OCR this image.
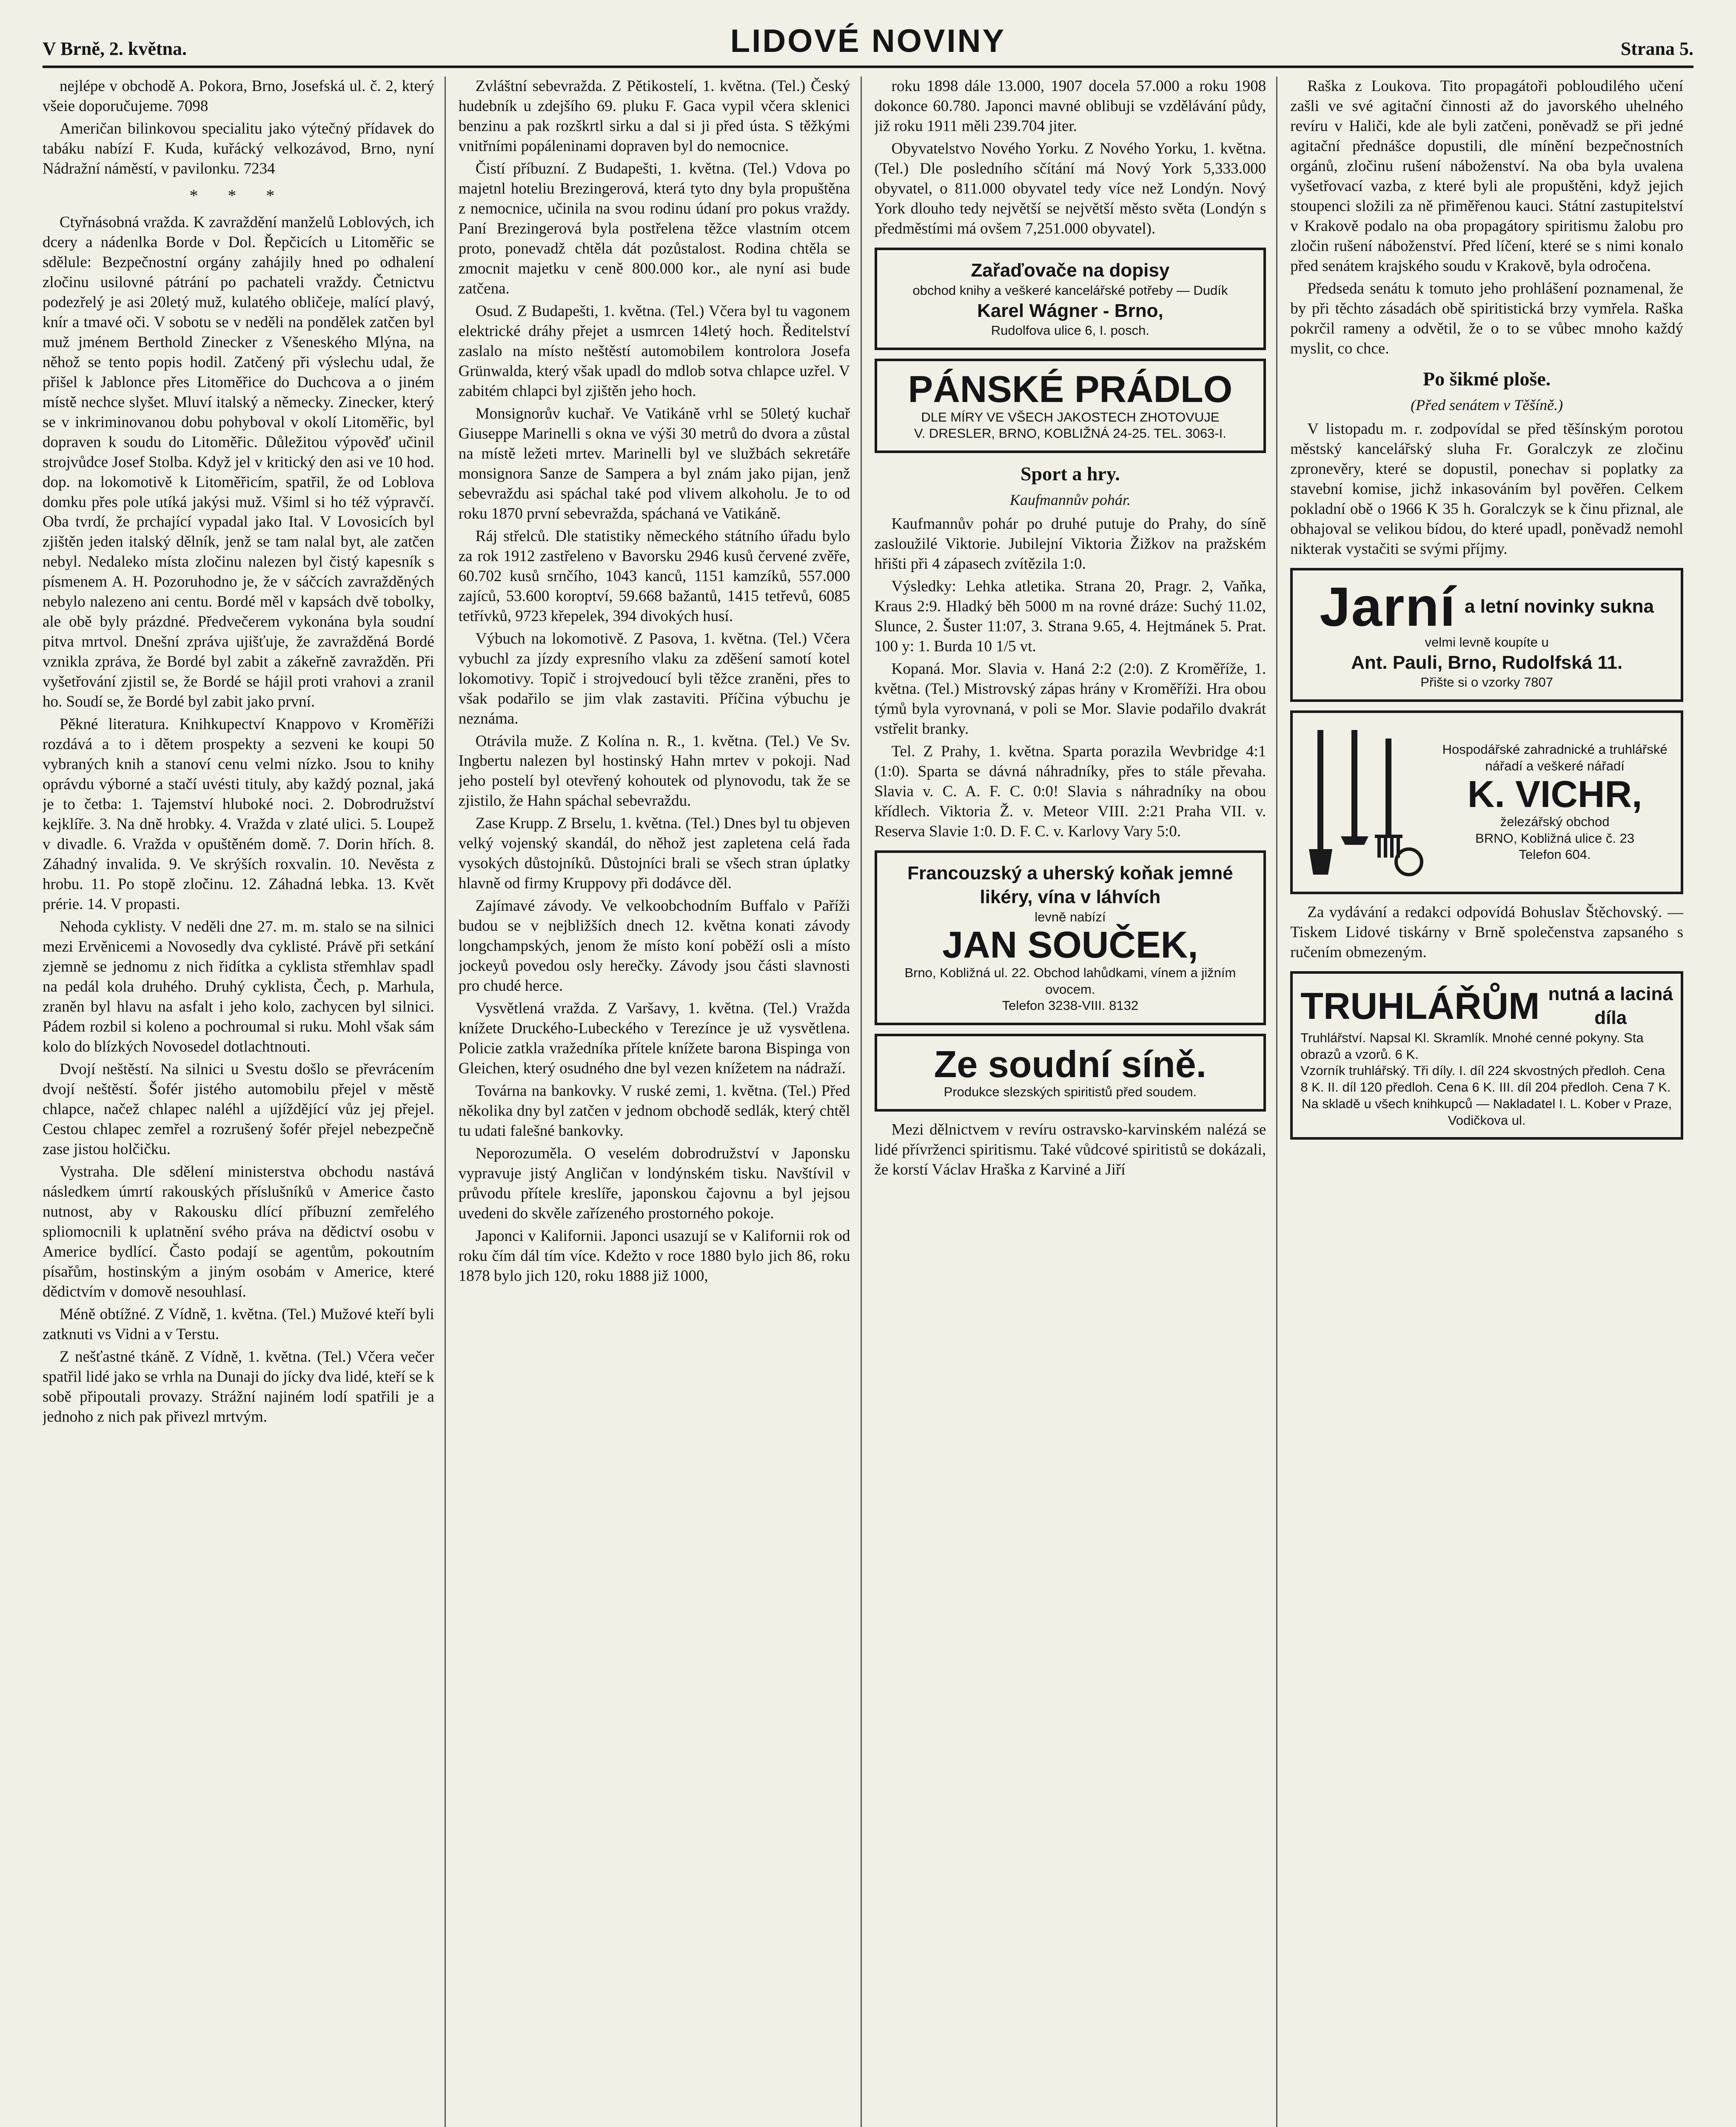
V Brně, 2. května.	LIDOVÉ NOVINY	Strana 5.

nejlépe v obchodě A. Pokora, Brno, Josefská ul. č. 2, který všeie doporučujeme. 7098

Američan bilinkovou specialitu jako výtečný přídavek do tabáku nabízí F. Kuda, kuřácký velkozávod, Brno, nyní Nádražní náměstí, v pavilonku. 7234

* * *

Ctyřnásobná vražda. K zavraždění manželů Loblových, ich dcery a nádenlka Borde v Dol. Řepčicích u Litoměřic se sdělule: Bezpečnostní orgány zahájily hned po odhalení zločinu usilovné pátrání po pachateli vraždy. Četnictvu podezřelý je asi 20letý muž, kulatého obličeje, malící plavý, knír a tmavé oči. V sobotu se v neděli na pondělek zatčen byl muž jménem Berthold Zinecker z Všeneského Mlýna, na něhož se tento popis hodil. Zatčený při výslechu udal, že přišel k Jablonce přes Litoměřice do Duchcova a o jiném místě nechce slyšet. Mluví italský a německy. Zinecker, který se v inkriminovanou dobu pohyboval v okolí Litoměřic, byl dopraven k soudu do Litoměřic. Důležitou výpověď učinil strojvůdce Josef Stolba. Když jel v kritický den asi ve 10 hod. dop. na lokomotivě k Litoměřicím, spatřil, že od Loblova domku přes pole utíká jakýsi muž. Všiml si ho též výpravčí. Oba tvrdí, že prchající vypadal jako Ital. V Lovosicích byl zjištěn jeden italský dělník, jenž se tam nalal byt, ale zatčen nebyl. Nedaleko místa zločinu nalezen byl čistý kapesník s písmenem A. H. Pozoruhodno je, že v sáčcích zavražděných nebylo nalezeno ani centu. Bordé měl v kapsách dvě tobolky, ale obě byly prázdné. Předvečerem vykonána byla soudní pitva mrtvol. Dnešní zpráva ujišťuje, že zavražděná Bordé vznikla zpráva, že Bordé byl zabit a zákeřně zavražděn. Při vyšetřování zjistil se, že Bordé se hájil proti vrahovi a zranil ho. Soudí se, že Bordé byl zabit jako první.

Pěkné literatura. Knihkupectví Knappovo v Kroměříži rozdává a to i dětem prospekty a sezveni ke koupi 50 vybraných knih a stanoví cenu velmi nízko. Jsou to knihy oprávdu výborné a stačí uvésti tituly, aby každý poznal, jaká je to četba: 1. Tajemství hluboké noci. 2. Dobrodružství kejklíře. 3. Na dně hrobky. 4. Vražda v zlaté ulici. 5. Loupež v divadle. 6. Vražda v opuštěném domě. 7. Dorin hřích. 8. Záhadný invalida. 9. Ve skrýších roxvalin. 10. Nevěsta z hrobu. 11. Po stopě zločinu. 12. Záhadná lebka. 13. Květ prérie. 14. V propasti.

Nehoda cyklisty. V neděli dne 27. m. m. stalo se na silnici mezi Ervěnicemi a Novosedly dva cyklisté. Právě při setkání zjemně se jednomu z nich řidítka a cyklista střemhlav spadl na pedál kola druhého. Druhý cyklista, Čech, p. Marhula, zraněn byl hlavu na asfalt i jeho kolo, zachycen byl silnici. Pádem rozbil si koleno a pochroumal si ruku. Mohl však sám kolo do blízkých Novosedel dotlachtnouti.

Dvojí neštěstí. Na silnici u Svestu došlo se převrácením dvojí neštěstí. Šofér jistého automobilu přejel v městě chlapce, načež chlapec naléhl a ujíždějící vůz jej přejel. Cestou chlapec zemřel a rozrušený šofér přejel nebezpečně zase jistou holčičku.

Vystraha. Dle sdělení ministerstva obchodu nastává následkem úmrtí rakouských příslušníků v Americe často nutnost, aby v Rakousku dlící příbuzní zemřelého spliomocnili k uplatnění svého práva na dědictví osobu v Americe bydlící. Často podají se agentům, pokoutním písařům, hostinským a jiným osobám v Americe, které dědictvím v domově nesouhlasí.

Méně obtížné. Z Vídně, 1. května. (Tel.) Mužové kteří byli zatknuti vs Vidni a v Terstu.

Z nešťastné tkáně. Z Vídně, 1. května. (Tel.) Včera večer spatřil lidé jako se vrhla na Dunaji do jícky dva lidé, kteří se k sobě připoutali provazy. Strážní najiném lodí spatřili je a jednoho z nich pak přivezl mrtvým.

Zvláštní sebevražda. Z Pětikostelí, 1. května. (Tel.) Český hudebník u zdejšího 69. pluku F. Gaca vypil včera sklenici benzinu a pak rozškrtl sirku a dal si ji před ústa. S těžkými vnitřními popáleninami dopraven byl do nemocnice.

Čistí příbuzní. Z Budapešti, 1. května. (Tel.) Vdova po majetnl hoteliu Brezingerová, která tyto dny byla propuštěna z nemocnice, učinila na svou rodinu údaní pro pokus vraždy. Paní Brezingerová byla postřelena těžce vlastním otcem proto, ponevadž chtěla dát pozůstalost. Rodina chtěla se zmocnit majetku v ceně 800.000 kor., ale nyní asi bude zatčena.

Osud. Z Budapešti, 1. května. (Tel.) Včera byl tu vagonem elektrické dráhy přejet a usmrcen 14letý hoch. Ředitelství zaslalo na místo neštěstí automobilem kontrolora Josefa Grünwalda, který však upadl do mdlob sotva chlapce uzřel. V zabitém chlapci byl zjištěn jeho hoch.

Monsignorův kuchař. Ve Vatikáně vrhl se 50letý kuchař Giuseppe Marinelli s okna ve výši 30 metrů do dvora a zůstal na místě ležeti mrtev. Marinelli byl ve službách sekretáře monsignora Sanze de Sampera a byl znám jako pijan, jenž sebevraždu asi spáchal také pod vlivem alkoholu. Je to od roku 1870 první sebevražda, spáchaná ve Vatikáně.

Ráj střelců. Dle statistiky německého státního úřadu bylo za rok 1912 zastřeleno v Bavorsku 2946 kusů červené zvěře, 60.702 kusů srnčího, 1043 kanců, 1151 kamzíků, 557.000 zajíců, 53.600 koroptví, 59.668 bažantů, 1415 tetřevů, 6085 tetřívků, 9723 křepelek, 394 divokých husí.

Výbuch na lokomotivě. Z Pasova, 1. května. (Tel.) Včera vybuchl za jízdy expresního vlaku za zděšení samotí kotel lokomotivy. Topič i strojvedoucí byli těžce zraněni, přes to však podařilo se jim vlak zastaviti. Příčina výbuchu je neznáma.

Otrávila muže. Z Kolína n. R., 1. května. (Tel.) Ve Sv. Ingbertu nalezen byl hostinský Hahn mrtev v pokoji. Nad jeho postelí byl otevřený kohoutek od plynovodu, tak že se zjistilo, že Hahn spáchal sebevraždu.

Zase Krupp. Z Brselu, 1. května. (Tel.) Dnes byl tu objeven velký vojenský skandál, do něhož jest zapletena celá řada vysokých důstojníků. Důstojníci brali se všech stran úplatky hlavně od firmy Kruppovy při dodávce děl.

Zajímavé závody. Ve velkoobchodním Buffalo v Paříži budou se v nejbližších dnech 12. května konati závody longchampských, jenom že místo koní poběží osli a místo jockeyů povedou osly herečky. Závody jsou části slavnosti pro chudé herce.

Vysvětlená vražda. Z Varšavy, 1. května. (Tel.) Vražda knížete Druckého-Lubeckého v Terezínce je už vysvětlena. Policie zatkla vražedníka přítele knížete barona Bispinga von Gleichen, který osudného dne byl vezen knížetem na nádraží.

Továrna na bankovky. V ruské zemi, 1. května. (Tel.) Před několika dny byl zatčen v jednom obchodě sedlák, který chtěl tu udati falešné bankovky.

Neporozuměla. O veselém dobrodružství v Japonsku vypravuje jistý Angličan v londýnském tisku. Navštívil v průvodu přítele kreslíře, japonskou čajovnu a byl jejsou uvedeni do skvěle zařízeného prostorného pokoje.

Japonci v Kalifornii. Japonci usazují se v Kalifornii rok od roku čím dál tím více. Kdežto v roce 1880 bylo jich 86, roku 1878 bylo jich 120, roku 1888 již 1000,

roku 1898 dále 13.000, 1907 docela 57.000 a roku 1908 dokonce 60.780. Japonci mavné oblibuji se vzdělávání půdy, již roku 1911 měli 239.704 jiter.

Obyvatelstvo Nového Yorku. Z Nového Yorku, 1. května. (Tel.) Dle posledního sčítání má Nový York 5,333.000 obyvatel, o 811.000 obyvatel tedy více než Londýn. Nový York dlouho tedy největší se největší město světa (Londýn s předměstími má ovšem 7,251.000 obyvatel).

Zařaďovače na dopisy
obchod knihy a veškeré kancelářské potřeby — Dudík
Karel Wágner - Brno,
Rudolfova ulice 6, I. posch.
PÁNSKÉ PRÁDLO
DLE MÍRY VE VŠECH JAKOSTECH ZHOTOVUJE
V. DRESLER, BRNO, KOBLIŽNÁ 24-25. TEL. 3063-I.
Sport a hry.
Kaufmannův pohár.

Kaufmannův pohár po druhé putuje do Prahy, do síně zasloužilé Viktorie. Jubilejní Viktoria Žižkov na pražském hřišti při 4 zápasech zvítězila 1:0.

Výsledky: Lehka atletika. Strana 20, Pragr. 2, Vaňka, Kraus 2:9. Hladký běh 5000 m na rovné dráze: Suchý 11.02, Slunce, 2. Šuster 11:07, 3. Strana 9.65, 4. Hejtmánek 5. Prat. 100 y: 1. Burda 10 1/5 vt.

Kopaná. Mor. Slavia v. Haná 2:2 (2:0). Z Kroměříže, 1. května. (Tel.) Mistrovský zápas hrány v Kroměříži. Hra obou týmů byla vyrovnaná, v poli se Mor. Slavie podařilo dvakrát vstřelit branky.

Tel. Z Prahy, 1. května. Sparta porazila Wevbridge 4:1 (1:0). Sparta se dávná náhradníky, přes to stále převaha. Slavia v. C. A. F. C. 0:0! Slavia s náhradníky na obou křídlech. Viktoria Ž. v. Meteor VIII. 2:21 Praha VII. v. Reserva Slavie 1:0. D. F. C. v. Karlovy Vary 5:0.

Francouzský a uherský koňak jemné likéry, vína v láhvích
levně nabízí
JAN SOUČEK,
Brno, Kobližná ul. 22. Obchod lahůdkami, vínem a jižním ovocem.
Telefon 3238-VIII. 8132
Ze soudní síně.
Produkce slezských spiritistů před soudem.

Mezi dělnictvem v revíru ostravsko-karvinském nalézá se lidé přívrženci spiritismu. Také vůdcové spiritistů se dokázali, že korstí Václav Hraška z Karviné a Jiří

Raška z Loukova. Tito propagátoři pobloudilého učení zašli ve své agitační činnosti až do javorského uhelného revíru v Haliči, kde ale byli zatčeni, poněvadž se při jedné agitační přednášce dopustili, dle mínění bezpečnostních orgánů, zločinu rušení náboženství. Na oba byla uvalena vyšetřovací vazba, z které byli ale propuštěni, když jejich stoupenci složili za ně přiměřenou kauci. Státní zastupitelství v Krakově podalo na oba propagátory spiritismu žalobu pro zločin rušení náboženství. Před líčení, které se s nimi konalo před senátem krajského soudu v Krakově, byla odročena.

Předseda senátu k tomuto jeho prohlášení poznamenal, že by při těchto zásadách obě spiritistická brzy vymřela. Raška pokrčil rameny a odvětil, že o to se vůbec mnoho každý myslit, co chce.

Po šikmé ploše.
(Před senátem v Těšíně.)

V listopadu m. r. zodpovídal se před těšínským porotou městský kancelářský sluha Fr. Goralczyk ze zločinu zpronevěry, které se dopustil, ponechav si poplatky za stavební komise, jichž inkasováním byl pověřen. Celkem pokladní obě o 1966 K 35 h. Goralczyk se k činu přiznal, ale obhajoval se velikou bídou, do které upadl, poněvadž nemohl nikterak vystačiti se svými příjmy.

Jarní a letní novinky sukna
velmi levně koupíte u
Ant. Pauli, Brno, Rudolfská 11.
Přište si o vzorky 7807
Hospodářské zahradnické a truhlářské nářadí a veškeré nářadí
K. VICHR,
železářský obchod
BRNO, Kobližná ulice č. 23
Telefon 604.

Za vydávání a redakci odpovídá Bohuslav Štěchovský. — Tiskem Lidové tiskárny v Brně společenstva zapsaného s ručením obmezeným.

TRUHLÁŘŮM nutná a laciná díla
Truhlářství. Napsal Kl. Skramlík. Mnohé cenné pokyny. Sta obrazů a vzorů. 6 K.
Vzorník truhlářský. Tři díly. I. díl 224 skvostných předloh. Cena 8 K. II. díl 120 předloh. Cena 6 K. III. díl 204 předloh. Cena 7 K.
Na skladě u všech knihkupců — Nakladatel I. L. Kober v Praze, Vodičkova ul.
